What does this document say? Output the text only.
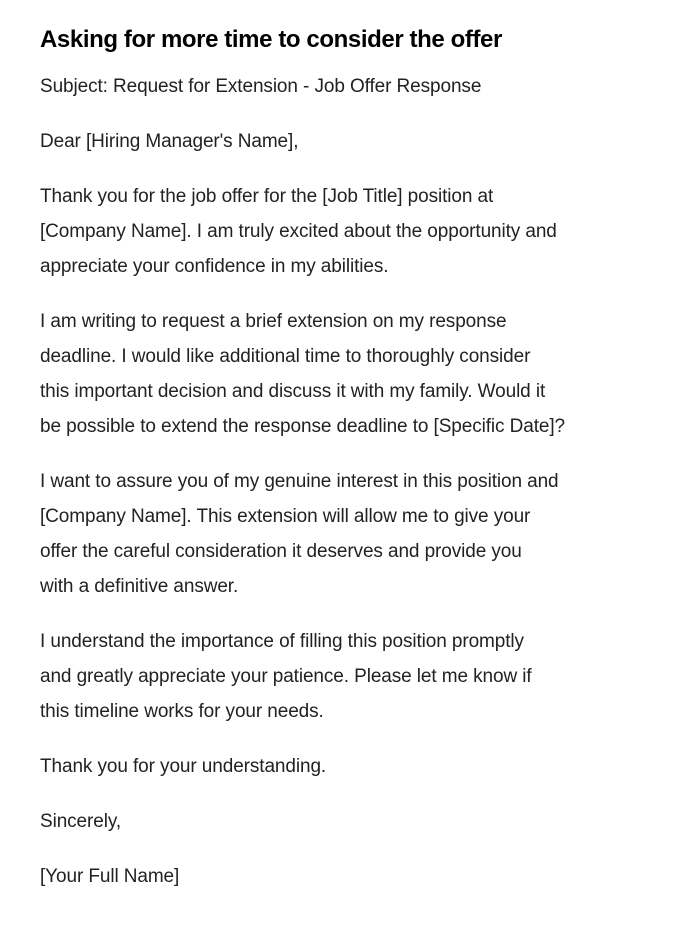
Asking for more time to consider the offer

Subject: Request for Extension - Job Offer Response

Dear [Hiring Manager's Name],

Thank you for the job offer for the [Job Title] position at
[Company Name]. I am truly excited about the opportunity and
appreciate your confidence in my abilities.

I am writing to request a brief extension on my response
deadline. I would like additional time to thoroughly consider
this important decision and discuss it with my family. Would it
be possible to extend the response deadline to [Specific Date]?

I want to assure you of my genuine interest in this position and
[Company Name]. This extension will allow me to give your
offer the careful consideration it deserves and provide you
with a definitive answer.

I understand the importance of filling this position promptly
and greatly appreciate your patience. Please let me know if
this timeline works for your needs.

Thank you for your understanding.

Sincerely,

[Your Full Name]
